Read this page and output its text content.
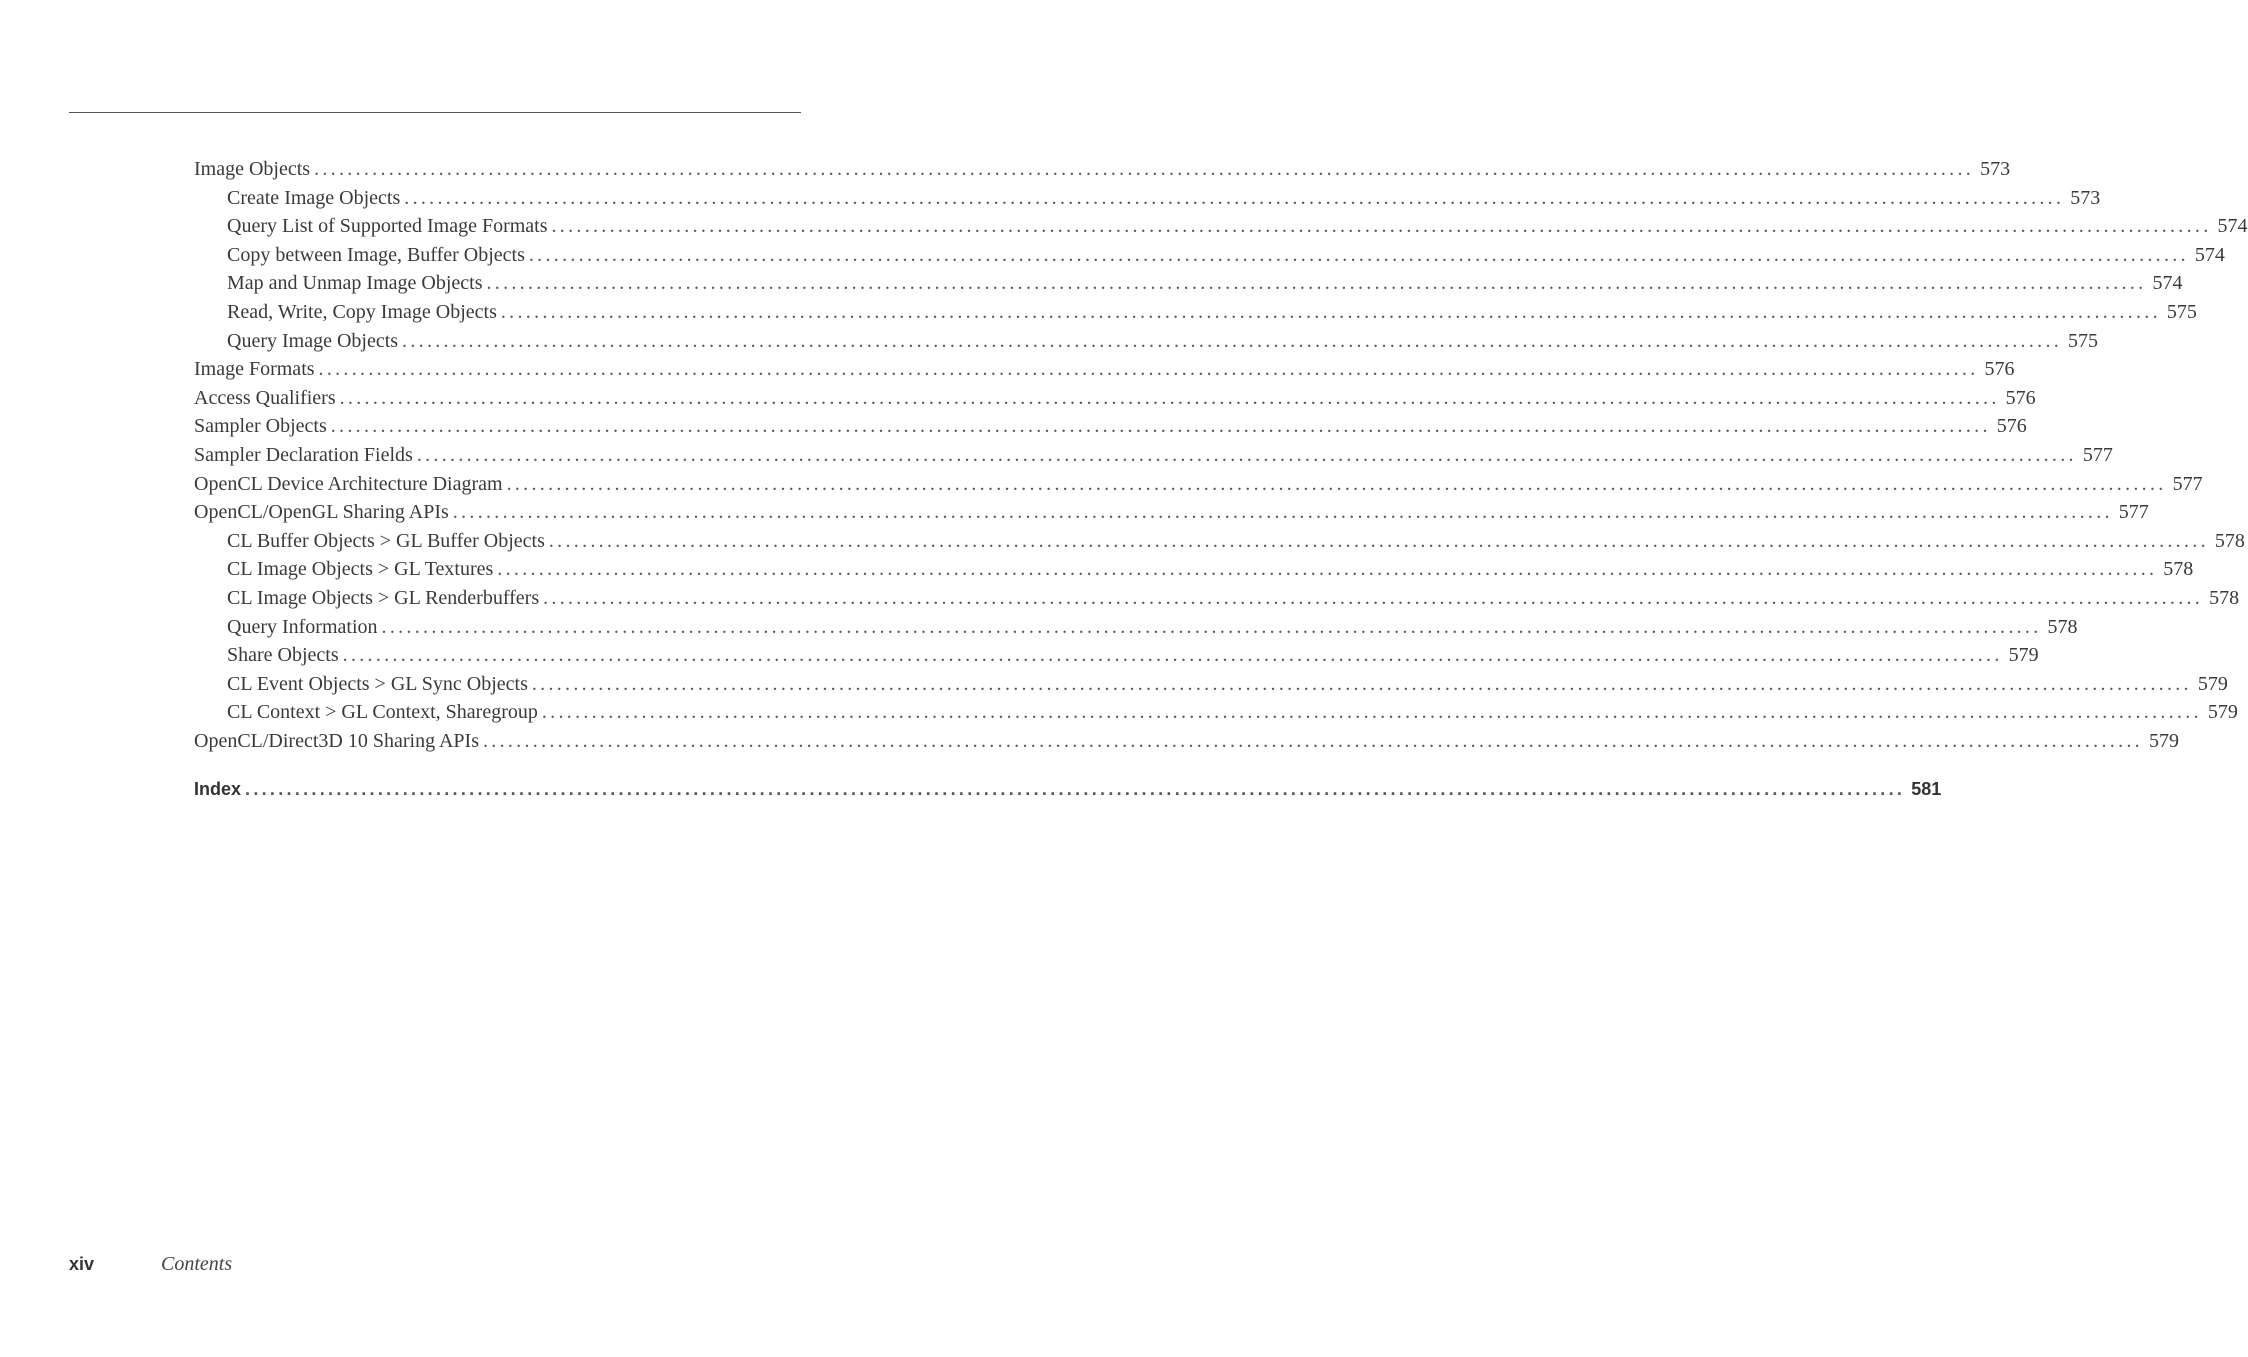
Image Objects ........................................................................................................................................................................................................ 573
Create Image Objects ........................................................................................................................................................................................................ 573
Query List of Supported Image Formats ........................................................................................................................................................................................................ 574
Copy between Image, Buffer Objects ........................................................................................................................................................................................................ 574
Map and Unmap Image Objects ........................................................................................................................................................................................................ 574
Read, Write, Copy Image Objects ........................................................................................................................................................................................................ 575
Query Image Objects ........................................................................................................................................................................................................ 575
Image Formats ........................................................................................................................................................................................................ 576
Access Qualifiers ........................................................................................................................................................................................................ 576
Sampler Objects ........................................................................................................................................................................................................ 576
Sampler Declaration Fields ........................................................................................................................................................................................................ 577
OpenCL Device Architecture Diagram ........................................................................................................................................................................................................ 577
OpenCL/OpenGL Sharing APIs ........................................................................................................................................................................................................ 577
CL Buffer Objects > GL Buffer Objects ........................................................................................................................................................................................................ 578
CL Image Objects > GL Textures ........................................................................................................................................................................................................ 578
CL Image Objects > GL Renderbuffers ........................................................................................................................................................................................................ 578
Query Information ........................................................................................................................................................................................................ 578
Share Objects ........................................................................................................................................................................................................ 579
CL Event Objects > GL Sync Objects ........................................................................................................................................................................................................ 579
CL Context > GL Context, Sharegroup ........................................................................................................................................................................................................ 579
OpenCL/Direct3D 10 Sharing APIs ........................................................................................................................................................................................................ 579
Index ........................................................................................................................................................................................................ 581
xiv	Contents
